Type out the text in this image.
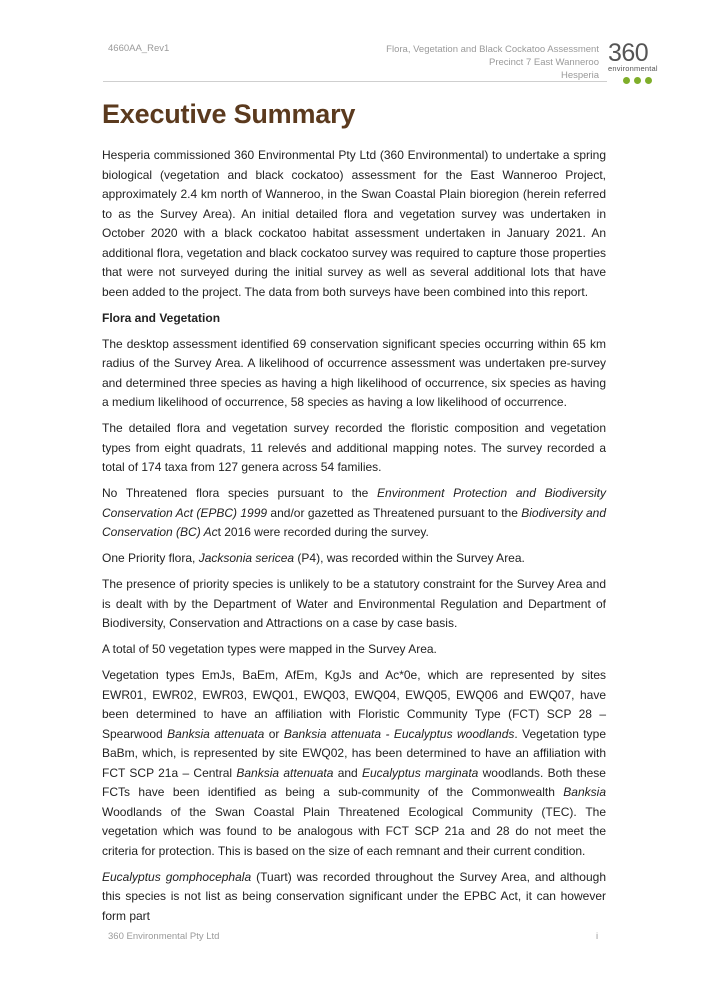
4660AA_Rev1	Flora, Vegetation and Black Cockatoo Assessment
Precinct 7 East Wanneroo
Hesperia
360
environmental
Executive Summary

Hesperia commissioned 360 Environmental Pty Ltd (360 Environmental) to undertake a spring biological (vegetation and black cockatoo) assessment for the East Wanneroo Project, approximately 2.4 km north of Wanneroo, in the Swan Coastal Plain bioregion (herein referred to as the Survey Area). An initial detailed flora and vegetation survey was undertaken in October 2020 with a black cockatoo habitat assessment undertaken in January 2021. An additional flora, vegetation and black cockatoo survey was required to capture those properties that were not surveyed during the initial survey as well as several additional lots that have been added to the project. The data from both surveys have been combined into this report.

Flora and Vegetation

The desktop assessment identified 69 conservation significant species occurring within 65 km radius of the Survey Area. A likelihood of occurrence assessment was undertaken pre-survey and determined three species as having a high likelihood of occurrence, six species as having a medium likelihood of occurrence, 58 species as having a low likelihood of occurrence.

The detailed flora and vegetation survey recorded the floristic composition and vegetation types from eight quadrats, 11 relevés and additional mapping notes. The survey recorded a total of 174 taxa from 127 genera across 54 families.

No Threatened flora species pursuant to the Environment Protection and Biodiversity Conservation Act (EPBC) 1999 and/or gazetted as Threatened pursuant to the Biodiversity and Conservation (BC) Act 2016 were recorded during the survey.

One Priority flora, Jacksonia sericea (P4), was recorded within the Survey Area.

The presence of priority species is unlikely to be a statutory constraint for the Survey Area and is dealt with by the Department of Water and Environmental Regulation and Department of Biodiversity, Conservation and Attractions on a case by case basis.

A total of 50 vegetation types were mapped in the Survey Area.

Vegetation types EmJs, BaEm, AfEm, KgJs and Ac*0e, which are represented by sites EWR01, EWR02, EWR03, EWQ01, EWQ03, EWQ04, EWQ05, EWQ06 and EWQ07, have been determined to have an affiliation with Floristic Community Type (FCT) SCP 28 – Spearwood Banksia attenuata or Banksia attenuata - Eucalyptus woodlands. Vegetation type BaBm, which, is represented by site EWQ02, has been determined to have an affiliation with FCT SCP 21a – Central Banksia attenuata and Eucalyptus marginata woodlands. Both these FCTs have been identified as being a sub-community of the Commonwealth Banksia Woodlands of the Swan Coastal Plain Threatened Ecological Community (TEC). The vegetation which was found to be analogous with FCT SCP 21a and 28 do not meet the criteria for protection. This is based on the size of each remnant and their current condition.

Eucalyptus gomphocephala (Tuart) was recorded throughout the Survey Area, and although this species is not list as being conservation significant under the EPBC Act, it can however form part

360 Environmental Pty Ltd	i
